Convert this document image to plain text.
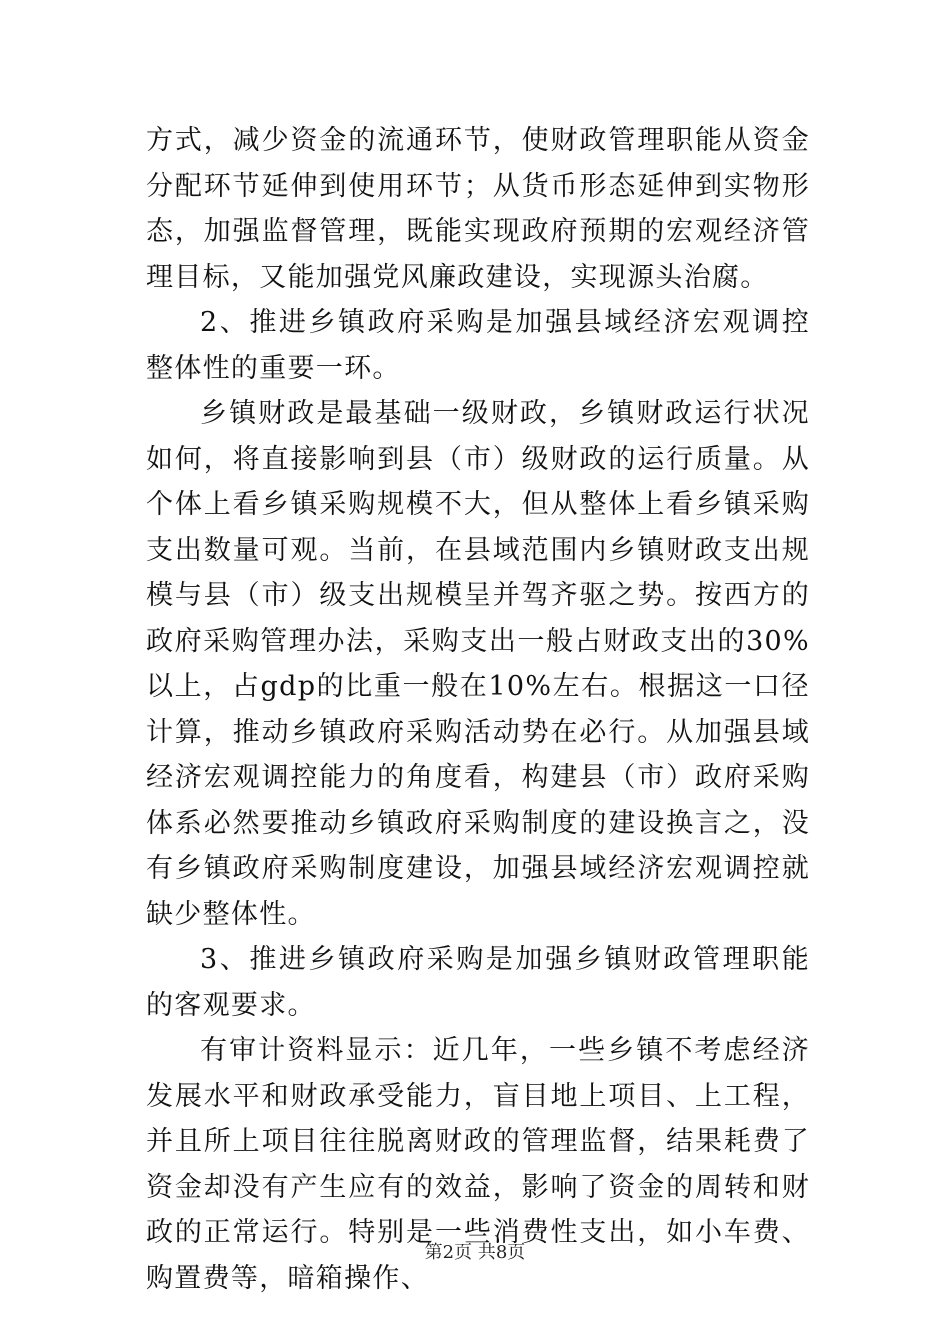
方式，减少资金的流通环节，使财政管理职能从资金分配环节延伸到使用环节；从货币形态延伸到实物形态，加强监督管理，既能实现政府预期的宏观经济管理目标，又能加强党风廉政建设，实现源头治腐。

2、推进乡镇政府采购是加强县域经济宏观调控整体性的重要一环。

乡镇财政是最基础一级财政，乡镇财政运行状况如何，将直接影响到县（市）级财政的运行质量。从个体上看乡镇采购规模不大，但从整体上看乡镇采购支出数量可观。当前，在县域范围内乡镇财政支出规模与县（市）级支出规模呈并驾齐驱之势。按西方的政府采购管理办法，采购支出一般占财政支出的30%以上，占gdp的比重一般在10%左右。根据这一口径计算，推动乡镇政府采购活动势在必行。从加强县域经济宏观调控能力的角度看，构建县（市）政府采购体系必然要推动乡镇政府采购制度的建设换言之，没有乡镇政府采购制度建设，加强县域经济宏观调控就缺少整体性。

3、推进乡镇政府采购是加强乡镇财政管理职能的客观要求。

有审计资料显示：近几年，一些乡镇不考虑经济发展水平和财政承受能力，盲目地上项目、上工程，并且所上项目往往脱离财政的管理监督，结果耗费了资金却没有产生应有的效益，影响了资金的周转和财政的正常运行。特别是一些消费性支出，如小车费、购置费等，暗箱操作、

第2页 共8页
